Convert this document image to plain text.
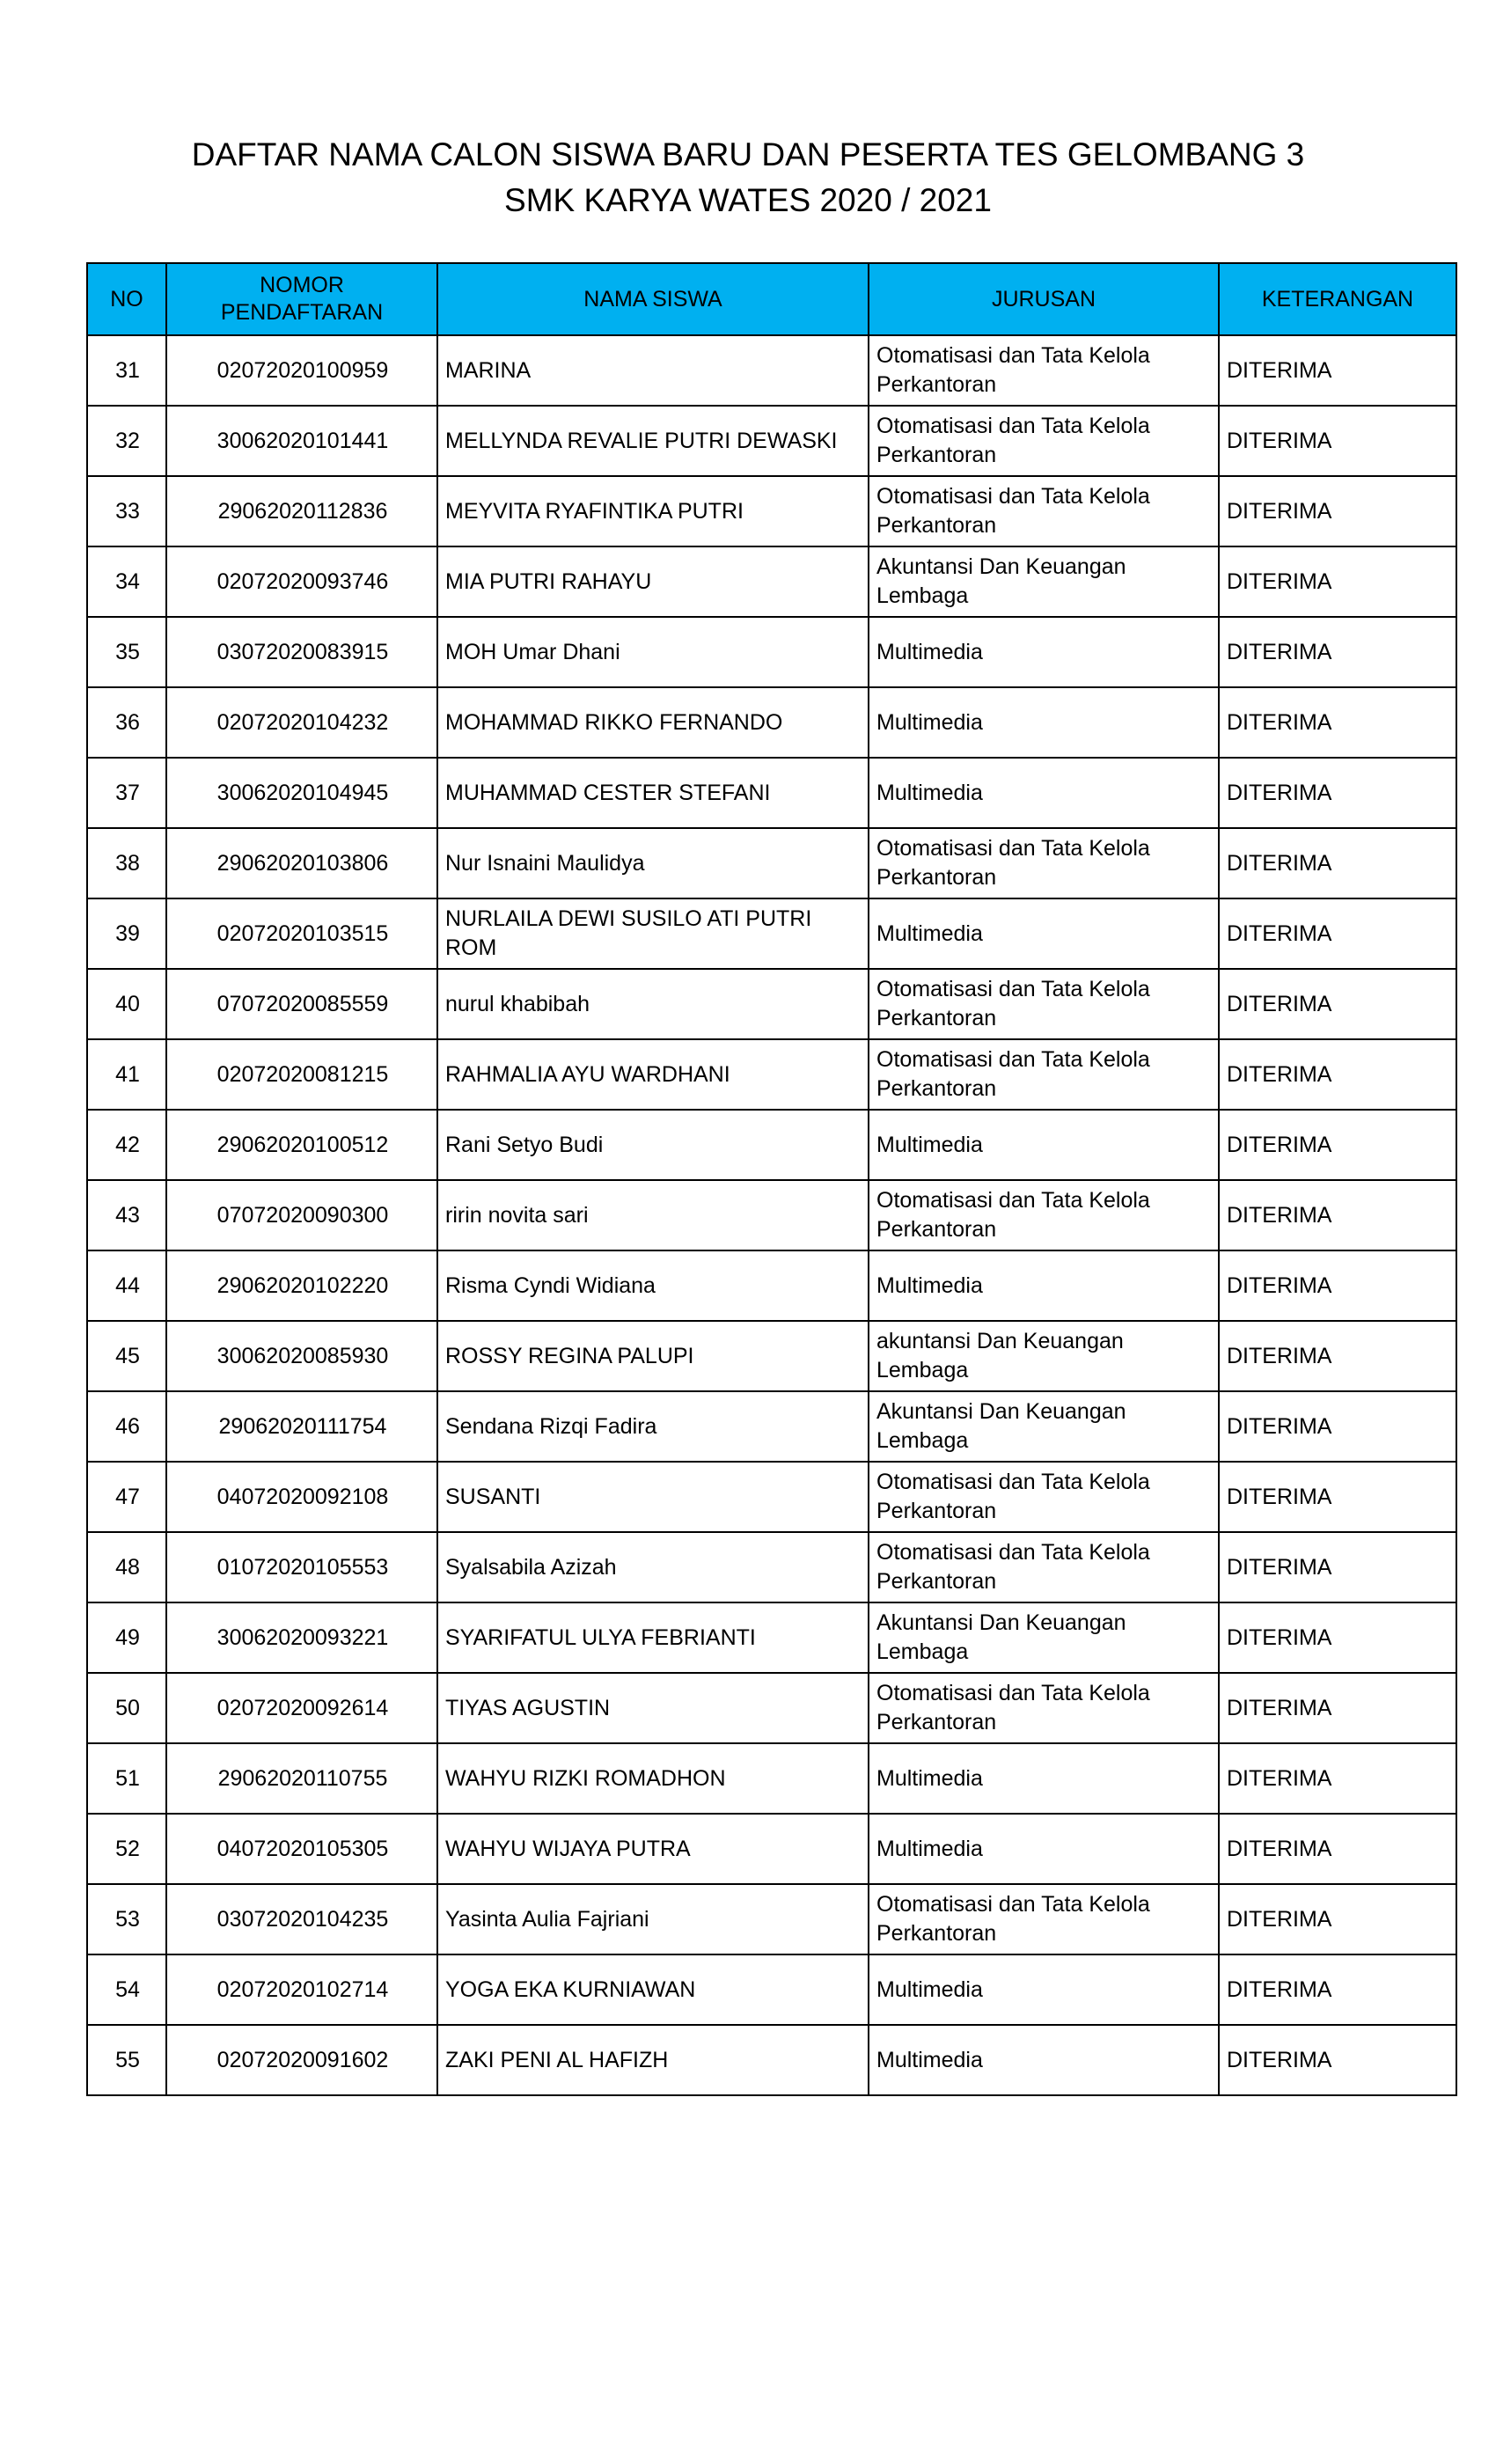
DAFTAR NAMA CALON SISWA BARU DAN PESERTA TES GELOMBANG 3
SMK KARYA WATES 2020 / 2021
NO	NOMOR PENDAFTARAN	NAMA SISWA	JURUSAN	KETERANGAN
31	02072020100959	MARINA	Otomatisasi dan Tata Kelola Perkantoran	DITERIMA
32	30062020101441	MELLYNDA REVALIE PUTRI DEWASKI	Otomatisasi dan Tata Kelola Perkantoran	DITERIMA
33	29062020112836	MEYVITA RYAFINTIKA PUTRI	Otomatisasi dan Tata Kelola Perkantoran	DITERIMA
34	02072020093746	MIA PUTRI RAHAYU	Akuntansi Dan Keuangan Lembaga	DITERIMA
35	03072020083915	MOH Umar Dhani	Multimedia	DITERIMA
36	02072020104232	MOHAMMAD RIKKO FERNANDO	Multimedia	DITERIMA
37	30062020104945	MUHAMMAD CESTER STEFANI	Multimedia	DITERIMA
38	29062020103806	Nur Isnaini Maulidya	Otomatisasi dan Tata Kelola Perkantoran	DITERIMA
39	02072020103515	NURLAILA DEWI SUSILO ATI PUTRI ROM	Multimedia	DITERIMA
40	07072020085559	nurul khabibah	Otomatisasi dan Tata Kelola Perkantoran	DITERIMA
41	02072020081215	RAHMALIA AYU WARDHANI	Otomatisasi dan Tata Kelola Perkantoran	DITERIMA
42	29062020100512	Rani Setyo Budi	Multimedia	DITERIMA
43	07072020090300	ririn novita sari	Otomatisasi dan Tata Kelola Perkantoran	DITERIMA
44	29062020102220	Risma Cyndi Widiana	Multimedia	DITERIMA
45	30062020085930	ROSSY REGINA PALUPI	akuntansi Dan Keuangan Lembaga	DITERIMA
46	29062020111754	Sendana Rizqi Fadira	Akuntansi Dan Keuangan Lembaga	DITERIMA
47	04072020092108	SUSANTI	Otomatisasi dan Tata Kelola Perkantoran	DITERIMA
48	01072020105553	Syalsabila Azizah	Otomatisasi dan Tata Kelola Perkantoran	DITERIMA
49	30062020093221	SYARIFATUL ULYA FEBRIANTI	Akuntansi Dan Keuangan Lembaga	DITERIMA
50	02072020092614	TIYAS AGUSTIN	Otomatisasi dan Tata Kelola Perkantoran	DITERIMA
51	29062020110755	WAHYU RIZKI ROMADHON	Multimedia	DITERIMA
52	04072020105305	WAHYU WIJAYA PUTRA	Multimedia	DITERIMA
53	03072020104235	Yasinta Aulia Fajriani	Otomatisasi dan Tata Kelola Perkantoran	DITERIMA
54	02072020102714	YOGA EKA KURNIAWAN	Multimedia	DITERIMA
55	02072020091602	ZAKI PENI AL HAFIZH	Multimedia	DITERIMA
